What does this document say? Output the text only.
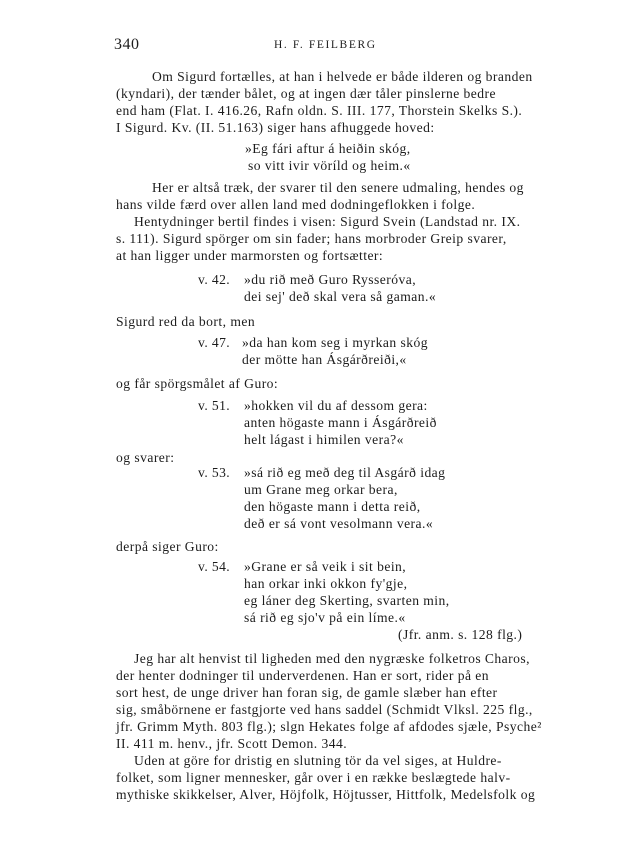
340	H. F. FEILBERG
Om Sigurd fortælles, at han i helvede er både ilderen og branden
(kyndari), der tænder bålet, og at ingen dær tåler pinslerne bedre
end ham (Flat. I. 416.26, Rafn oldn. S. III. 177, Thorstein Skelks S.).
I Sigurd. Kv. (II. 51.163) siger hans afhuggede hoved:
»Eg fári aftur á heiðin skóg,
so vitt ivir vöríld og heim.«
Her er altså træk, der svarer til den senere udmaling, hendes og
hans vilde færd over allen land med dodningeflokken i folge.
Hentydninger bertil findes i visen: Sigurd Svein (Landstad nr. IX.
s. 111). Sigurd spörger om sin fader; hans morbroder Greip svarer,
at han ligger under marmorsten og fortsætter:
v. 42. »du rið með Guro Rysseróva,
dei sej' deð skal vera så gaman.«
Sigurd red da bort, men
v. 47. »da han kom seg i myrkan skóg
der mötte han Ásgárðreiði,«
og får spörgsmålet af Guro:
v. 51. »hokken vil du af dessom gera:
anten högaste mann i Ásgárðreið
helt lágast i himilen vera?«
og svarer:
v. 53. »sá rið eg með deg til Asgárð idag
um Grane meg orkar bera,
den högaste mann i detta reið,
deð er sá vont vesolmann vera.«
derpå siger Guro:
v. 54. »Grane er så veik i sit bein,
han orkar inki okkon fy'gje,
eg láner deg Skerting, svarten min,
sá rið eg sjo'v på ein líme.«
(Jfr. anm. s. 128 flg.)
Jeg har alt henvist til ligheden med den nygræske folketros Charos,
der henter dodninger til underverdenen. Han er sort, rider på en
sort hest, de unge driver han foran sig, de gamle slæber han efter
sig, småbörnene er fastgjorte ved hans saddel (Schmidt Vlksl. 225 flg.,
jfr. Grimm Myth. 803 flg.); slgn Hekates folge af afdodes sjæle, Psyche²
II. 411 m. henv., jfr. Scott Demon. 344.
Uden at göre for dristig en slutning tör da vel siges, at Huldre-
folket, som ligner mennesker, går over i en række beslægtede halv-
mythiske skikkelser, Alver, Höjfolk, Höjtusser, Hittfolk, Medelsfolk og
